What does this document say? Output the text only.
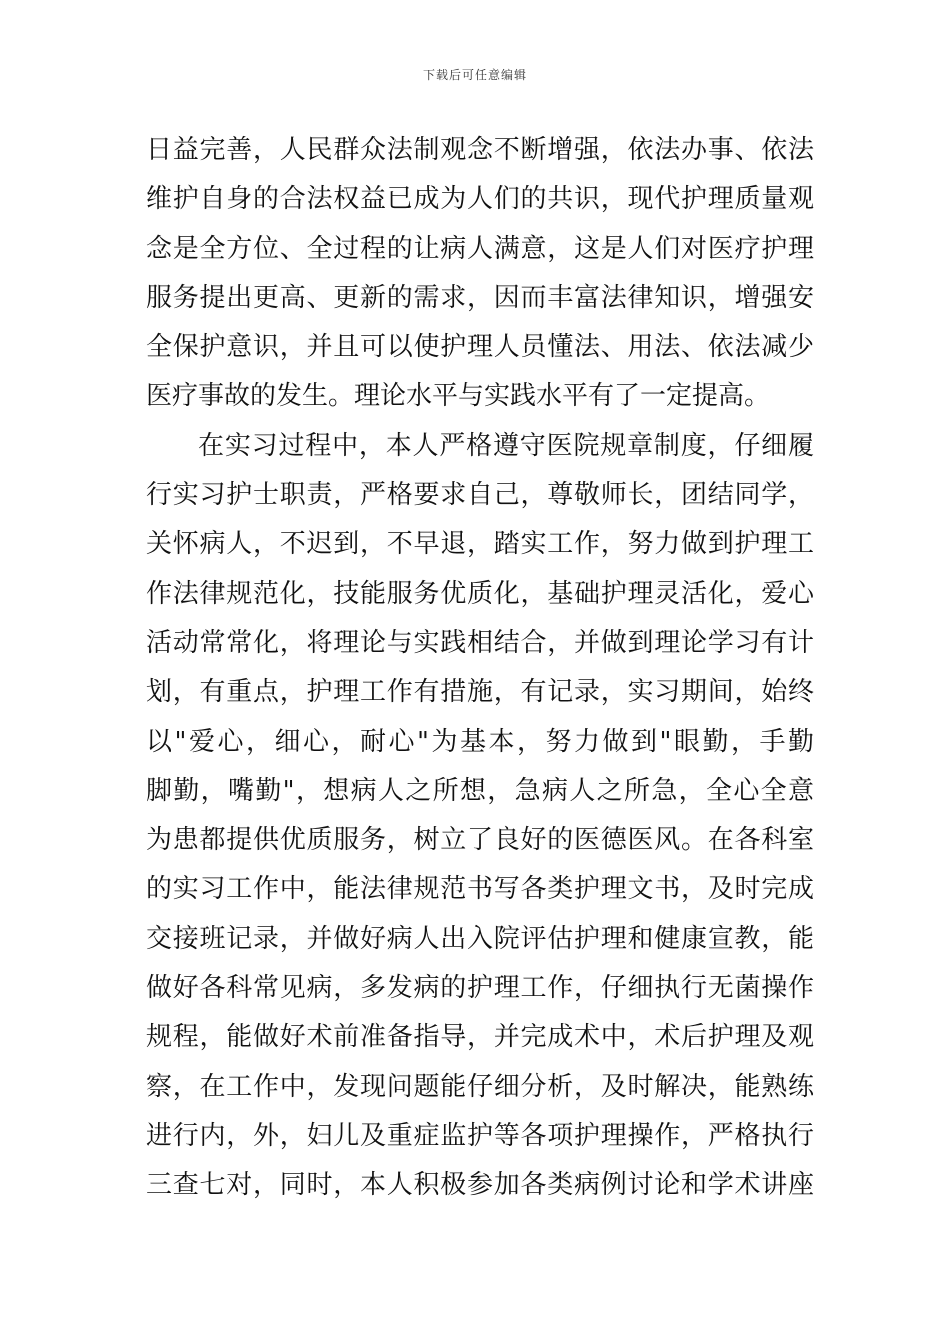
下载后可任意编辑
日益完善，人民群众法制观念不断增强，依法办事、依法
维护自身的合法权益已成为人们的共识，现代护理质量观
念是全方位、全过程的让病人满意，这是人们对医疗护理
服务提出更高、更新的需求，因而丰富法律知识，增强安
全保护意识，并且可以使护理人员懂法、用法、依法减少
医疗事故的发生。理论水平与实践水平有了一定提高。
在实习过程中，本人严格遵守医院规章制度，仔细履
行实习护士职责，严格要求自己，尊敬师长，团结同学，
关怀病人，不迟到，不早退，踏实工作，努力做到护理工
作法律规范化，技能服务优质化，基础护理灵活化，爱心
活动常常化，将理论与实践相结合，并做到理论学习有计
划，有重点，护理工作有措施，有记录，实习期间，始终
以"爱心，细心，耐心"为基本，努力做到"眼勤，手勤
脚勤，嘴勤"，想病人之所想，急病人之所急，全心全意
为患都提供优质服务，树立了良好的医德医风。在各科室
的实习工作中，能法律规范书写各类护理文书，及时完成
交接班记录，并做好病人出入院评估护理和健康宣教，能
做好各科常见病，多发病的护理工作，仔细执行无菌操作
规程，能做好术前准备指导，并完成术中，术后护理及观
察，在工作中，发现问题能仔细分析，及时解决，能熟练
进行内，外，妇儿及重症监护等各项护理操作，严格执行
三查七对，同时，本人积极参加各类病例讨论和学术讲座
